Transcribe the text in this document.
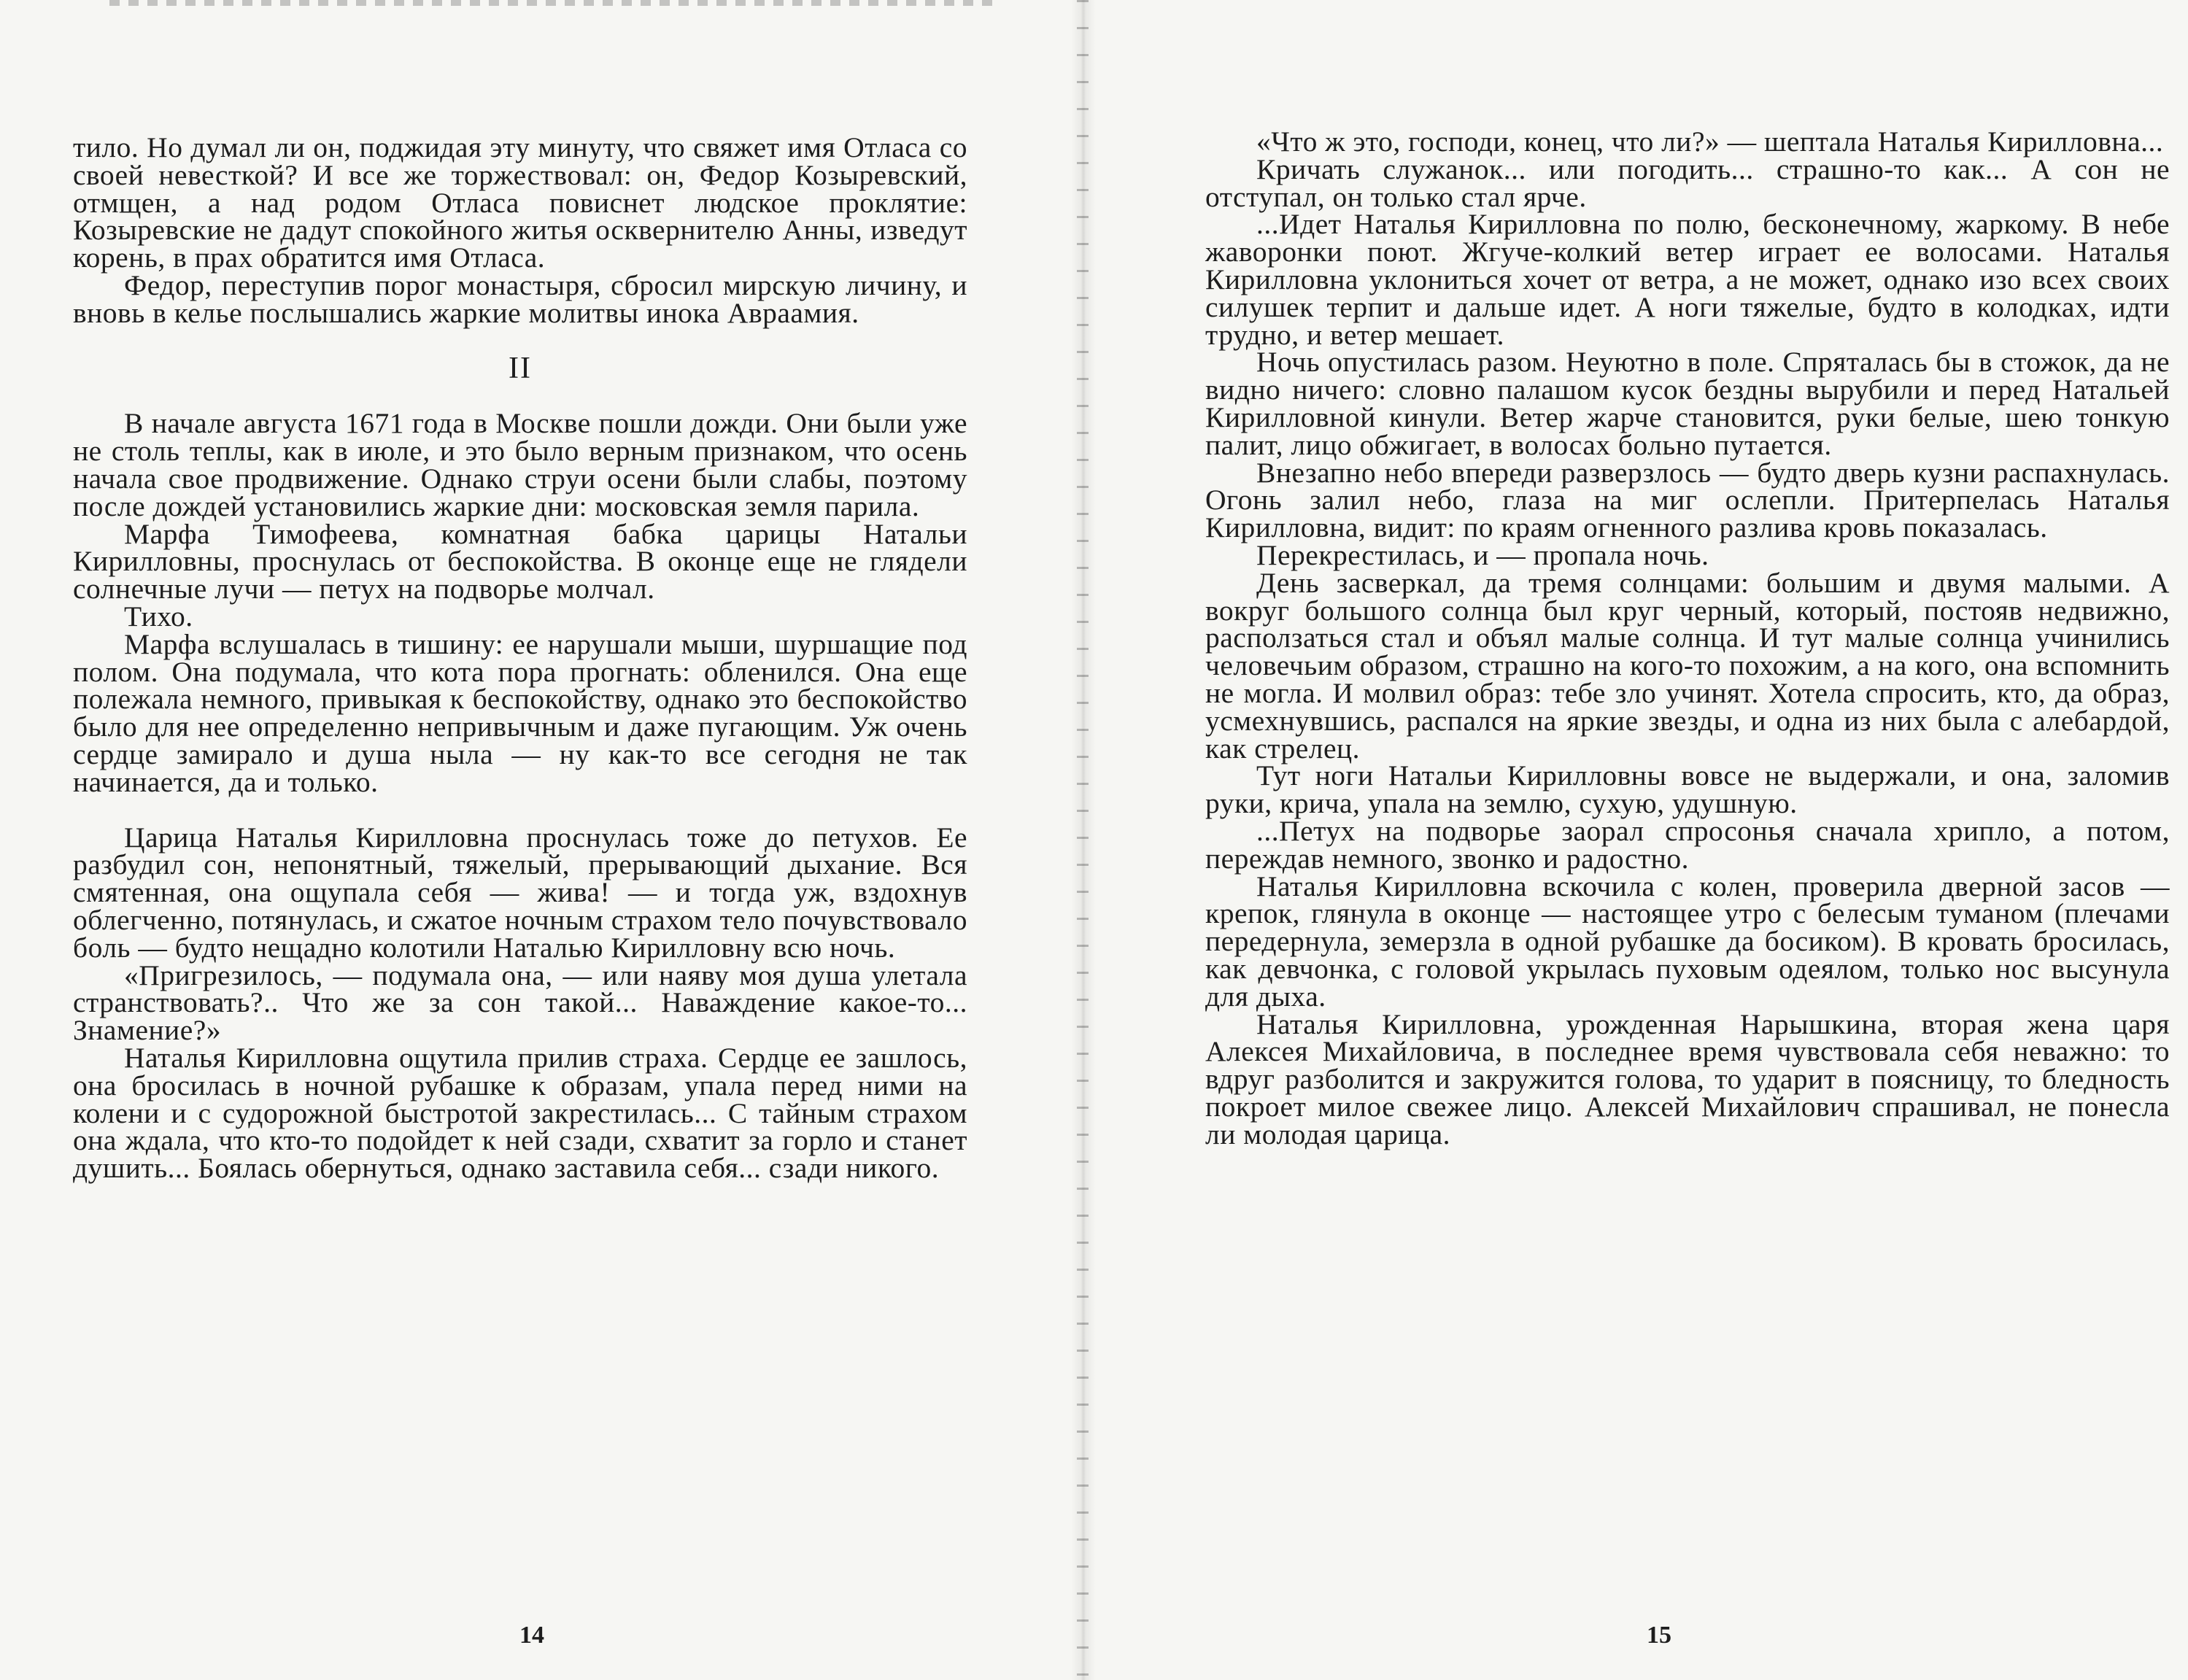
тило. Но думал ли он, поджидая эту минуту, что свяжет имя Отласа со своей невесткой? И все же торжествовал: он, Федор Козыревский, отмщен, а над родом Отласа повиснет людское проклятие: Козыревские не дадут спокойного житья осквернителю Анны, изведут корень, в прах обратится имя Отласа.

Федор, переступив порог монастыря, сбросил мирскую личину, и вновь в келье послышались жаркие молитвы инока Авраамия.

II

В начале августа 1671 года в Москве пошли дожди. Они были уже не столь теплы, как в июле, и это было верным признаком, что осень начала свое продвижение. Однако струи осени были слабы, поэтому после дождей установились жаркие дни: московская земля парила.

Марфа Тимофеева, комнатная бабка царицы Натальи Кирилловны, проснулась от беспокойства. В оконце еще не глядели солнечные лучи — петух на подворье молчал.

Тихо.

Марфа вслушалась в тишину: ее нарушали мыши, шуршащие под полом. Она подумала, что кота пора прогнать: обленился. Она еще полежала немного, привыкая к беспокойству, однако это беспокойство было для нее определенно непривычным и даже пугающим. Уж очень сердце замирало и душа ныла — ну как-то все сегодня не так начинается, да и только.

Царица Наталья Кирилловна проснулась тоже до петухов. Ее разбудил сон, непонятный, тяжелый, прерывающий дыхание. Вся смятенная, она ощупала себя — жива! — и тогда уж, вздохнув облегченно, потянулась, и сжатое ночным страхом тело почувствовало боль — будто нещадно колотили Наталью Кирилловну всю ночь.

«Пригрезилось, — подумала она, — или наяву моя душа улетала странствовать?.. Что же за сон такой... Наваждение какое-то... Знамение?»

Наталья Кирилловна ощутила прилив страха. Сердце ее зашлось, она бросилась в ночной рубашке к образам, упала перед ними на колени и с судорожной быстротой закрестилась... С тайным страхом она ждала, что кто-то подойдет к ней сзади, схватит за горло и станет душить... Боялась обернуться, однако заставила себя... сзади никого.

14

«Что ж это, господи, конец, что ли?» — шептала Наталья Кирилловна...

Кричать служанок... или погодить... страшно-то как... А сон не отступал, он только стал ярче.

...Идет Наталья Кирилловна по полю, бесконечному, жаркому. В небе жаворонки поют. Жгуче-колкий ветер играет ее волосами. Наталья Кирилловна уклониться хочет от ветра, а не может, однако изо всех своих силушек терпит и дальше идет. А ноги тяжелые, будто в колодках, идти трудно, и ветер мешает.

Ночь опустилась разом. Неуютно в поле. Спряталась бы в стожок, да не видно ничего: словно палашом кусок бездны вырубили и перед Натальей Кирилловной кинули. Ветер жарче становится, руки белые, шею тонкую палит, лицо обжигает, в волосах больно путается.

Внезапно небо впереди разверзлось — будто дверь кузни распахнулась. Огонь залил небо, глаза на миг ослепли. Притерпелась Наталья Кирилловна, видит: по краям огненного разлива кровь показалась.

Перекрестилась, и — пропала ночь.

День засверкал, да тремя солнцами: большим и двумя малыми. А вокруг большого солнца был круг черный, который, постояв недвижно, расползаться стал и объял малые солнца. И тут малые солнца учинились человечьим образом, страшно на кого-то похожим, а на кого, она вспомнить не могла. И молвил образ: тебе зло учинят. Хотела спросить, кто, да образ, усмехнувшись, распался на яркие звезды, и одна из них была с алебардой, как стрелец.

Тут ноги Натальи Кирилловны вовсе не выдержали, и она, заломив руки, крича, упала на землю, сухую, удушную.

...Петух на подворье заорал спросонья сначала хрипло, а потом, переждав немного, звонко и радостно.

Наталья Кирилловна вскочила с колен, проверила дверной засов — крепок, глянула в оконце — настоящее утро с белесым туманом (плечами передернула, земерзла в одной рубашке да босиком). В кровать бросилась, как девчонка, с головой укрылась пуховым одеялом, только нос высунула для дыха.

Наталья Кирилловна, урожденная Нарышкина, вторая жена царя Алексея Михайловича, в последнее время чувствовала себя неважно: то вдруг разболится и закружится голова, то ударит в поясницу, то бледность покроет милое свежее лицо. Алексей Михайлович спрашивал, не понесла ли молодая царица.

15
